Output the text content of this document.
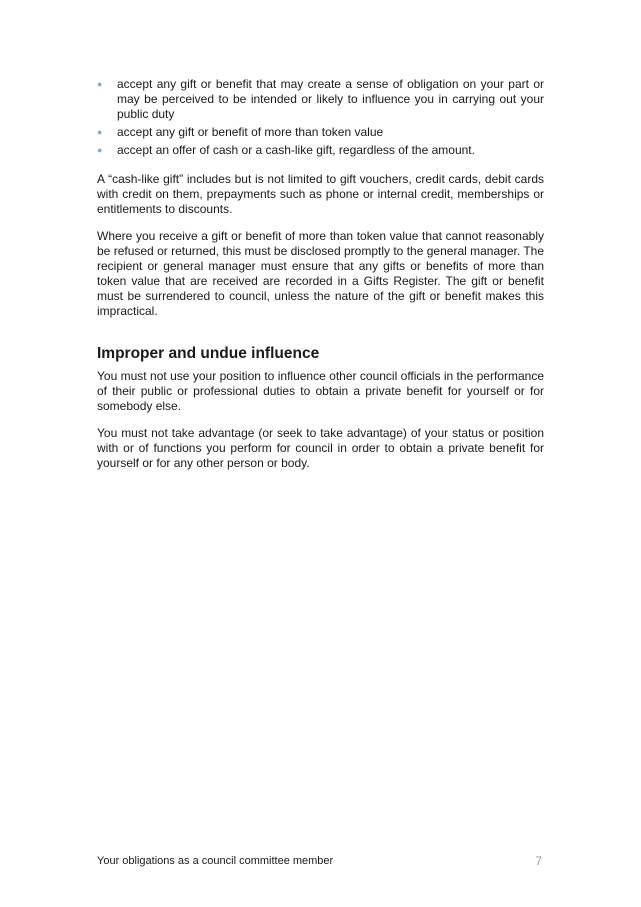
● accept any gift or benefit that may create a sense of obligation on your part or may be perceived to be intended or likely to influence you in carrying out your public duty
● accept any gift or benefit of more than token value
● accept an offer of cash or a cash-like gift, regardless of the amount.

A “cash-like gift” includes but is not limited to gift vouchers, credit cards, debit cards with credit on them, prepayments such as phone or internal credit, memberships or entitlements to discounts.

Where you receive a gift or benefit of more than token value that cannot reasonably be refused or returned, this must be disclosed promptly to the general manager. The recipient or general manager must ensure that any gifts or benefits of more than token value that are received are recorded in a Gifts Register. The gift or benefit must be surrendered to council, unless the nature of the gift or benefit makes this impractical.

Improper and undue influence

You must not use your position to influence other council officials in the performance of their public or professional duties to obtain a private benefit for yourself or for somebody else.

You must not take advantage (or seek to take advantage) of your status or position with or of functions you perform for council in order to obtain a private benefit for yourself or for any other person or body.

Your obligations as a council committee member	7
